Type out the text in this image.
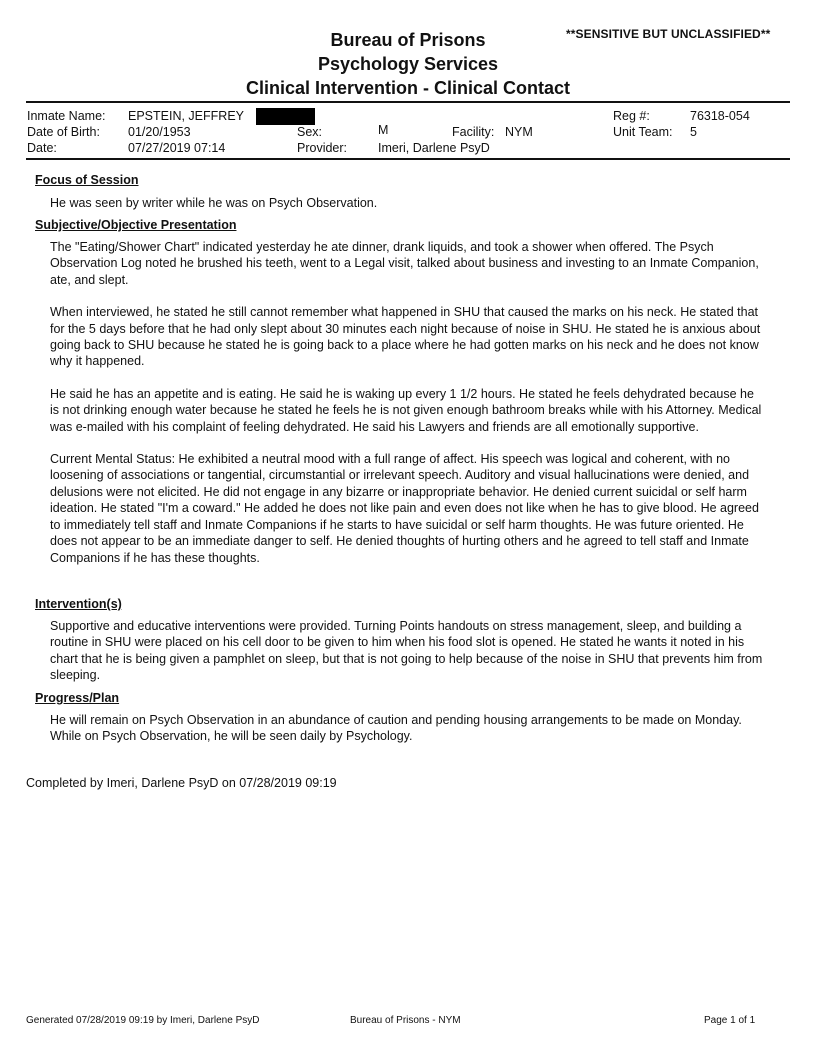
**SENSITIVE BUT UNCLASSIFIED**
Bureau of Prisons
Psychology Services
Clinical Intervention - Clinical Contact
Inmate Name: EPSTEIN, JEFFREY
Date of Birth: 01/20/1953
Date:	07/27/2019 07:14
Sex:	M	Facility: NYM
Provider: Imeri, Darlene PsyD
Reg #:	76318-054
Unit Team: 5

Focus of Session

He was seen by writer while he was on Psych Observation.

Subjective/Objective Presentation

The "Eating/Shower Chart" indicated yesterday he ate dinner, drank liquids, and took a shower when offered. The Psych Observation Log noted he brushed his teeth, went to a Legal visit, talked about business and investing to an Inmate Companion, ate, and slept.

When interviewed, he stated he still cannot remember what happened in SHU that caused the marks on his neck. He stated that for the 5 days before that he had only slept about 30 minutes each night because of noise in SHU. He stated he is anxious about going back to SHU because he stated he is going back to a place where he had gotten marks on his neck and he does not know why it happened.

He said he has an appetite and is eating. He said he is waking up every 1 1/2 hours. He stated he feels dehydrated because he is not drinking enough water because he stated he feels he is not given enough bathroom breaks while with his Attorney. Medical was e-mailed with his complaint of feeling dehydrated. He said his Lawyers and friends are all emotionally supportive.

Current Mental Status: He exhibited a neutral mood with a full range of affect. His speech was logical and coherent, with no loosening of associations or tangential, circumstantial or irrelevant speech. Auditory and visual hallucinations were denied, and delusions were not elicited. He did not engage in any bizarre or inappropriate behavior. He denied current suicidal or self harm ideation. He stated "I'm a coward." He added he does not like pain and even does not like when he has to give blood. He agreed to immediately tell staff and Inmate Companions if he starts to have suicidal or self harm thoughts. He was future oriented. He does not appear to be an immediate danger to self. He denied thoughts of hurting others and he agreed to tell staff and Inmate Companions if he has these thoughts.

Intervention(s)

Supportive and educative interventions were provided. Turning Points handouts on stress management, sleep, and building a routine in SHU were placed on his cell door to be given to him when his food slot is opened. He stated he wants it noted in his chart that he is being given a pamphlet on sleep, but that is not going to help because of the noise in SHU that prevents him from sleeping.

Progress/Plan

He will remain on Psych Observation in an abundance of caution and pending housing arrangements to be made on Monday. While on Psych Observation, he will be seen daily by Psychology.

Completed by Imeri, Darlene PsyD on 07/28/2019 09:19
Generated 07/28/2019 09:19 by Imeri, Darlene PsyD	Bureau of Prisons - NYM	Page 1 of 1
